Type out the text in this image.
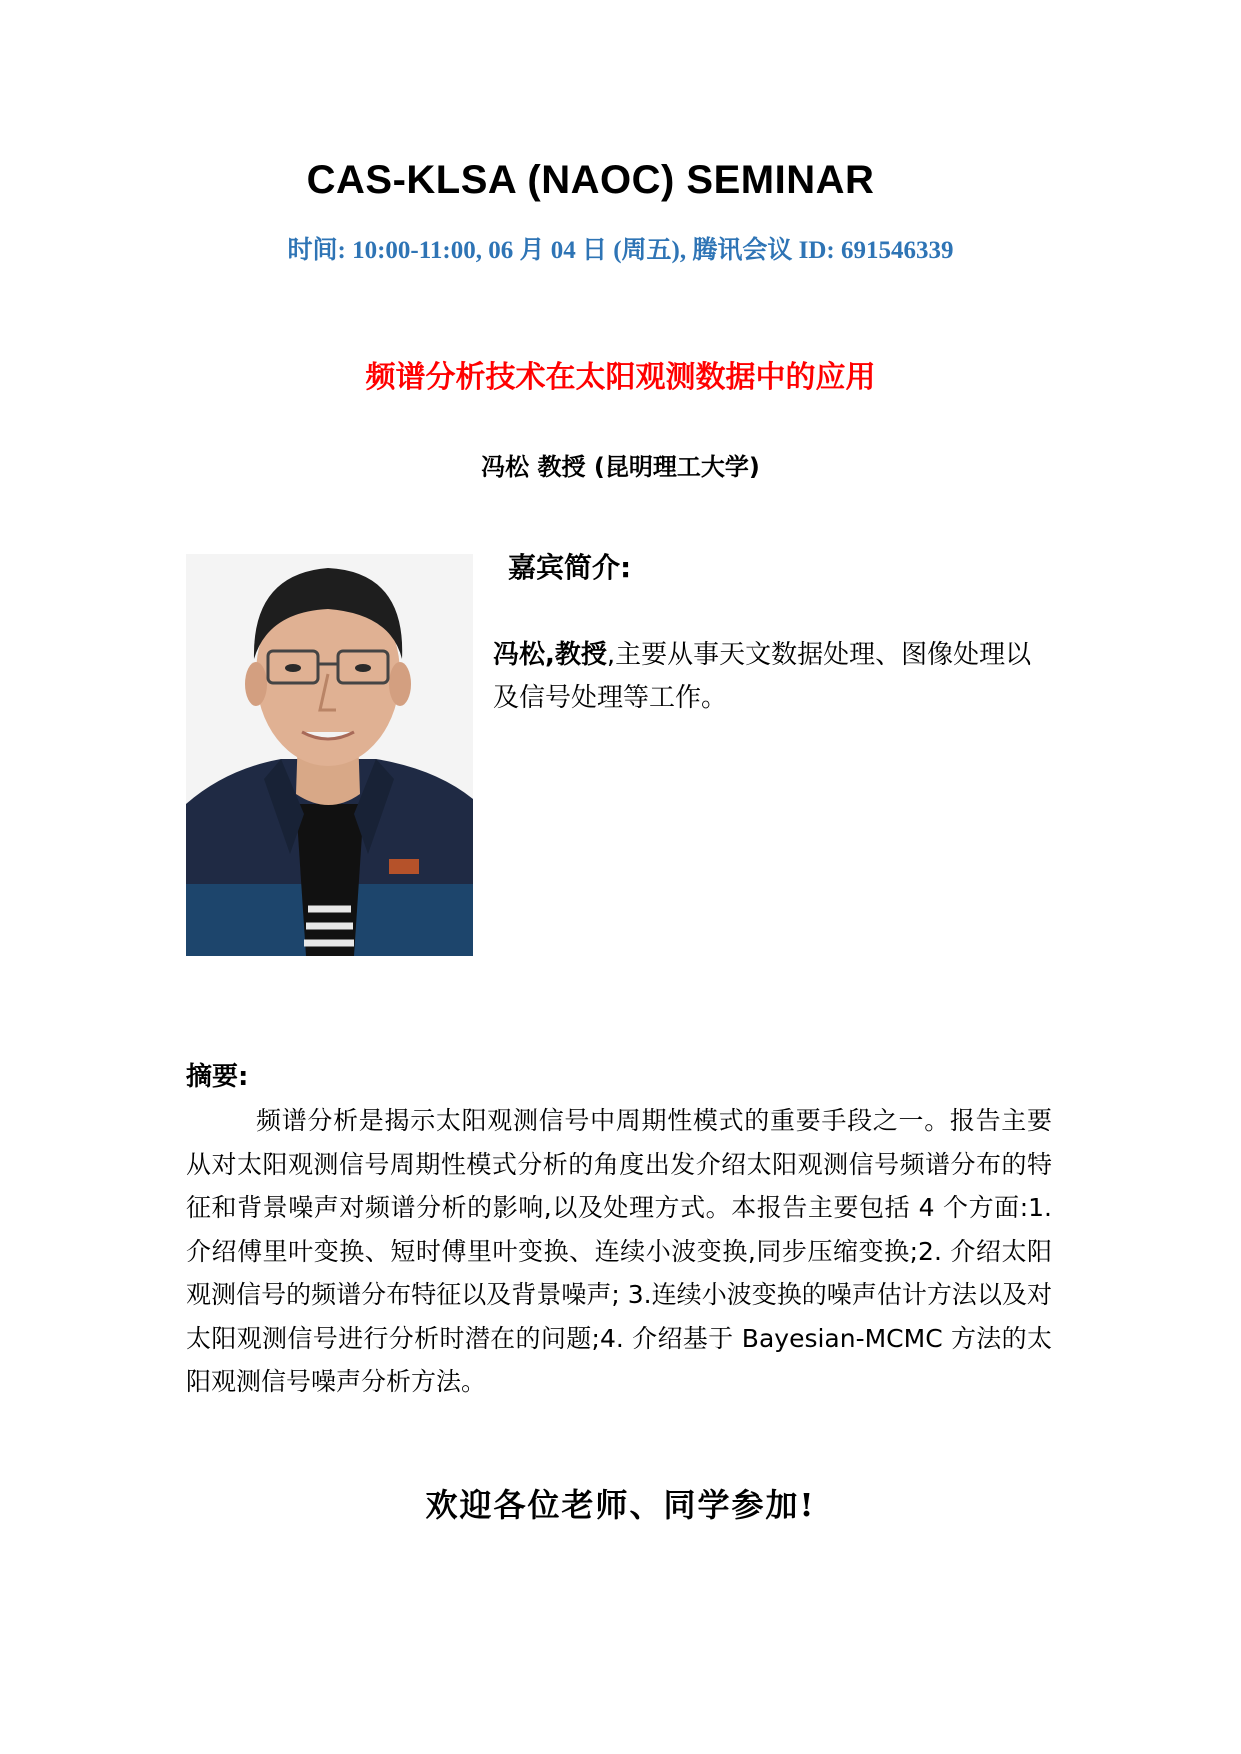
CAS-KLSA (NAOC) SEMINAR
时间: 10:00-11:00, 06 月 04 日 (周五), 腾讯会议 ID: 691546339
频谱分析技术在太阳观测数据中的应用
冯松 教授 (昆明理工大学)
嘉宾简介:
冯松,教授,主要从事天文数据处理、图像处理以及信号处理等工作。
摘要:
频谱分析是揭示太阳观测信号中周期性模式的重要手段之一。报告主要从对太阳观测信号周期性模式分析的角度出发介绍太阳观测信号频谱分布的特征和背景噪声对频谱分析的影响,以及处理方式。本报告主要包括 4 个方面:1. 介绍傅里叶变换、短时傅里叶变换、连续小波变换,同步压缩变换;2. 介绍太阳观测信号的频谱分布特征以及背景噪声; 3.连续小波变换的噪声估计方法以及对太阳观测信号进行分析时潜在的问题;4. 介绍基于 Bayesian-MCMC 方法的太阳观测信号噪声分析方法。
欢迎各位老师、同学参加!
